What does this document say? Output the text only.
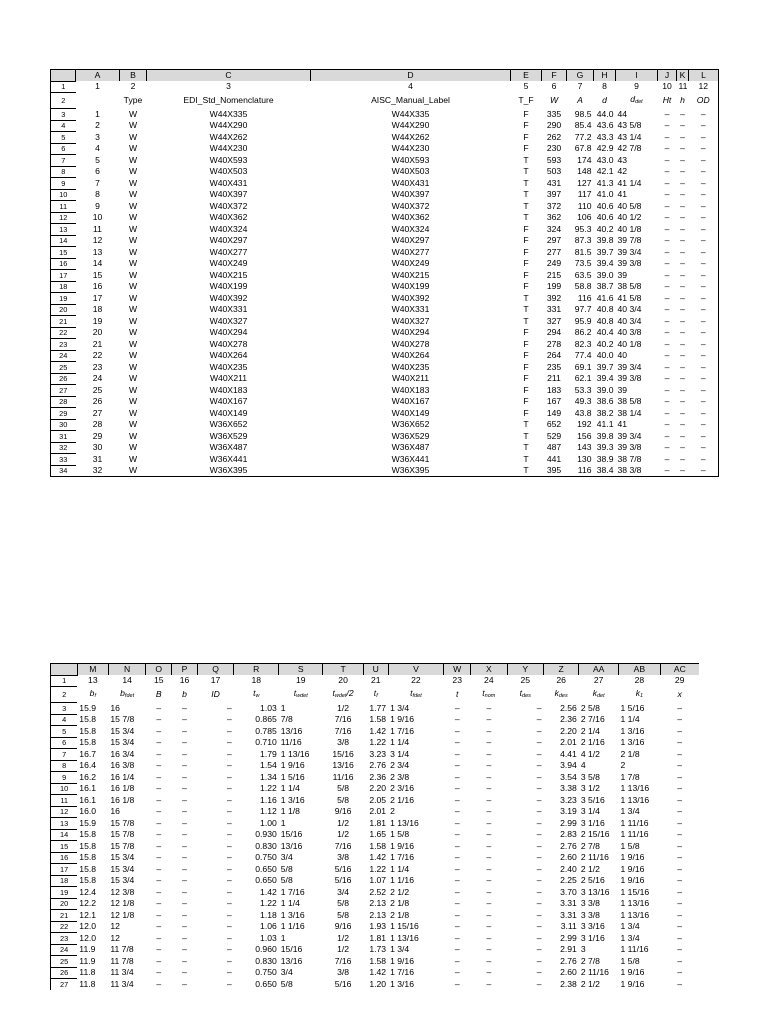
	A	B	C	D	E	F	G	H	I	J	K	L
1	1	2	3	4	5	6	7	8	9	10	11	12
2		Type	EDI_Std_Nomenclature	AISC_Manual_Label	T_F	W	A	d	$d_{det}$	Ht	h	OD
3	1	W	W44X335	W44X335	F	335	98.5	44.0	44	–	–	–
4	2	W	W44X290	W44X290	F	290	85.4	43.6	43 5/8	–	–	–
5	3	W	W44X262	W44X262	F	262	77.2	43.3	43 1/4	–	–	–
6	4	W	W44X230	W44X230	F	230	67.8	42.9	42 7/8	–	–	–
7	5	W	W40X593	W40X593	T	593	174	43.0	43	–	–	–
8	6	W	W40X503	W40X503	T	503	148	42.1	42	–	–	–
9	7	W	W40X431	W40X431	T	431	127	41.3	41 1/4	–	–	–
10	8	W	W40X397	W40X397	T	397	117	41.0	41	–	–	–
11	9	W	W40X372	W40X372	T	372	110	40.6	40 5/8	–	–	–
12	10	W	W40X362	W40X362	T	362	106	40.6	40 1/2	–	–	–
13	11	W	W40X324	W40X324	F	324	95.3	40.2	40 1/8	–	–	–
14	12	W	W40X297	W40X297	F	297	87.3	39.8	39 7/8	–	–	–
15	13	W	W40X277	W40X277	F	277	81.5	39.7	39 3/4	–	–	–
16	14	W	W40X249	W40X249	F	249	73.5	39.4	39 3/8	–	–	–
17	15	W	W40X215	W40X215	F	215	63.5	39.0	39	–	–	–
18	16	W	W40X199	W40X199	F	199	58.8	38.7	38 5/8	–	–	–
19	17	W	W40X392	W40X392	T	392	116	41.6	41 5/8	–	–	–
20	18	W	W40X331	W40X331	T	331	97.7	40.8	40 3/4	–	–	–
21	19	W	W40X327	W40X327	T	327	95.9	40.8	40 3/4	–	–	–
22	20	W	W40X294	W40X294	F	294	86.2	40.4	40 3/8	–	–	–
23	21	W	W40X278	W40X278	F	278	82.3	40.2	40 1/8	–	–	–
24	22	W	W40X264	W40X264	F	264	77.4	40.0	40	–	–	–
25	23	W	W40X235	W40X235	F	235	69.1	39.7	39 3/4	–	–	–
26	24	W	W40X211	W40X211	F	211	62.1	39.4	39 3/8	–	–	–
27	25	W	W40X183	W40X183	F	183	53.3	39.0	39	–	–	–
28	26	W	W40X167	W40X167	F	167	49.3	38.6	38 5/8	–	–	–
29	27	W	W40X149	W40X149	F	149	43.8	38.2	38 1/4	–	–	–
30	28	W	W36X652	W36X652	T	652	192	41.1	41	–	–	–
31	29	W	W36X529	W36X529	T	529	156	39.8	39 3/4	–	–	–
32	30	W	W36X487	W36X487	T	487	143	39.3	39 3/8	–	–	–
33	31	W	W36X441	W36X441	T	441	130	38.9	38 7/8	–	–	–
34	32	W	W36X395	W36X395	T	395	116	38.4	38 3/8	–	–	–
	M	N	O	P	Q	R	S	T	U	V	W	X	Y	Z	AA	AB	AC
1	13	14	15	16	17	18	19	20	21	22	23	24	25	26	27	28	29
2	$b_f$	$b_{fdet}$	B	b	ID	$t_w$	$t_{wdet}$	$t_{wdet}/2$	$t_f$	$t_{fdet}$	t	$t_{nom}$	$t_{des}$	$k_{des}$	$k_{det}$	$k_1$	x
3	15.9	16	–	–	–	1.03	1	1/2	1.77	1 3/4	–	–	–	2.56	2 5/8	1 5/16	–
4	15.8	15 7/8	–	–	–	0.865	7/8	7/16	1.58	1 9/16	–	–	–	2.36	2 7/16	1 1/4	–
5	15.8	15 3/4	–	–	–	0.785	13/16	7/16	1.42	1 7/16	–	–	–	2.20	2 1/4	1 3/16	–
6	15.8	15 3/4	–	–	–	0.710	11/16	3/8	1.22	1 1/4	–	–	–	2.01	2 1/16	1 3/16	–
7	16.7	16 3/4	–	–	–	1.79	1 13/16	15/16	3.23	3 1/4	–	–	–	4.41	4 1/2	2 1/8	–
8	16.4	16 3/8	–	–	–	1.54	1 9/16	13/16	2.76	2 3/4	–	–	–	3.94	4	2	–
9	16.2	16 1/4	–	–	–	1.34	1 5/16	11/16	2.36	2 3/8	–	–	–	3.54	3 5/8	1 7/8	–
10	16.1	16 1/8	–	–	–	1.22	1 1/4	5/8	2.20	2 3/16	–	–	–	3.38	3 1/2	1 13/16	–
11	16.1	16 1/8	–	–	–	1.16	1 3/16	5/8	2.05	2 1/16	–	–	–	3.23	3 5/16	1 13/16	–
12	16.0	16	–	–	–	1.12	1 1/8	9/16	2.01	2	–	–	–	3.19	3 1/4	1 3/4	–
13	15.9	15 7/8	–	–	–	1.00	1	1/2	1.81	1 13/16	–	–	–	2.99	3 1/16	1 11/16	–
14	15.8	15 7/8	–	–	–	0.930	15/16	1/2	1.65	1 5/8	–	–	–	2.83	2 15/16	1 11/16	–
15	15.8	15 7/8	–	–	–	0.830	13/16	7/16	1.58	1 9/16	–	–	–	2.76	2 7/8	1 5/8	–
16	15.8	15 3/4	–	–	–	0.750	3/4	3/8	1.42	1 7/16	–	–	–	2.60	2 11/16	1 9/16	–
17	15.8	15 3/4	–	–	–	0.650	5/8	5/16	1.22	1 1/4	–	–	–	2.40	2 1/2	1 9/16	–
18	15.8	15 3/4	–	–	–	0.650	5/8	5/16	1.07	1 1/16	–	–	–	2.25	2 5/16	1 9/16	–
19	12.4	12 3/8	–	–	–	1.42	1 7/16	3/4	2.52	2 1/2	–	–	–	3.70	3 13/16	1 15/16	–
20	12.2	12 1/8	–	–	–	1.22	1 1/4	5/8	2.13	2 1/8	–	–	–	3.31	3 3/8	1 13/16	–
21	12.1	12 1/8	–	–	–	1.18	1 3/16	5/8	2.13	2 1/8	–	–	–	3.31	3 3/8	1 13/16	–
22	12.0	12	–	–	–	1.06	1 1/16	9/16	1.93	1 15/16	–	–	–	3.11	3 3/16	1 3/4	–
23	12.0	12	–	–	–	1.03	1	1/2	1.81	1 13/16	–	–	–	2.99	3 1/16	1 3/4	–
24	11.9	11 7/8	–	–	–	0.960	15/16	1/2	1.73	1 3/4	–	–	–	2.91	3	1 11/16	–
25	11.9	11 7/8	–	–	–	0.830	13/16	7/16	1.58	1 9/16	–	–	–	2.76	2 7/8	1 5/8	–
26	11.8	11 3/4	–	–	–	0.750	3/4	3/8	1.42	1 7/16	–	–	–	2.60	2 11/16	1 9/16	–
27	11.8	11 3/4	–	–	–	0.650	5/8	5/16	1.20	1 3/16	–	–	–	2.38	2 1/2	1 9/16	–
